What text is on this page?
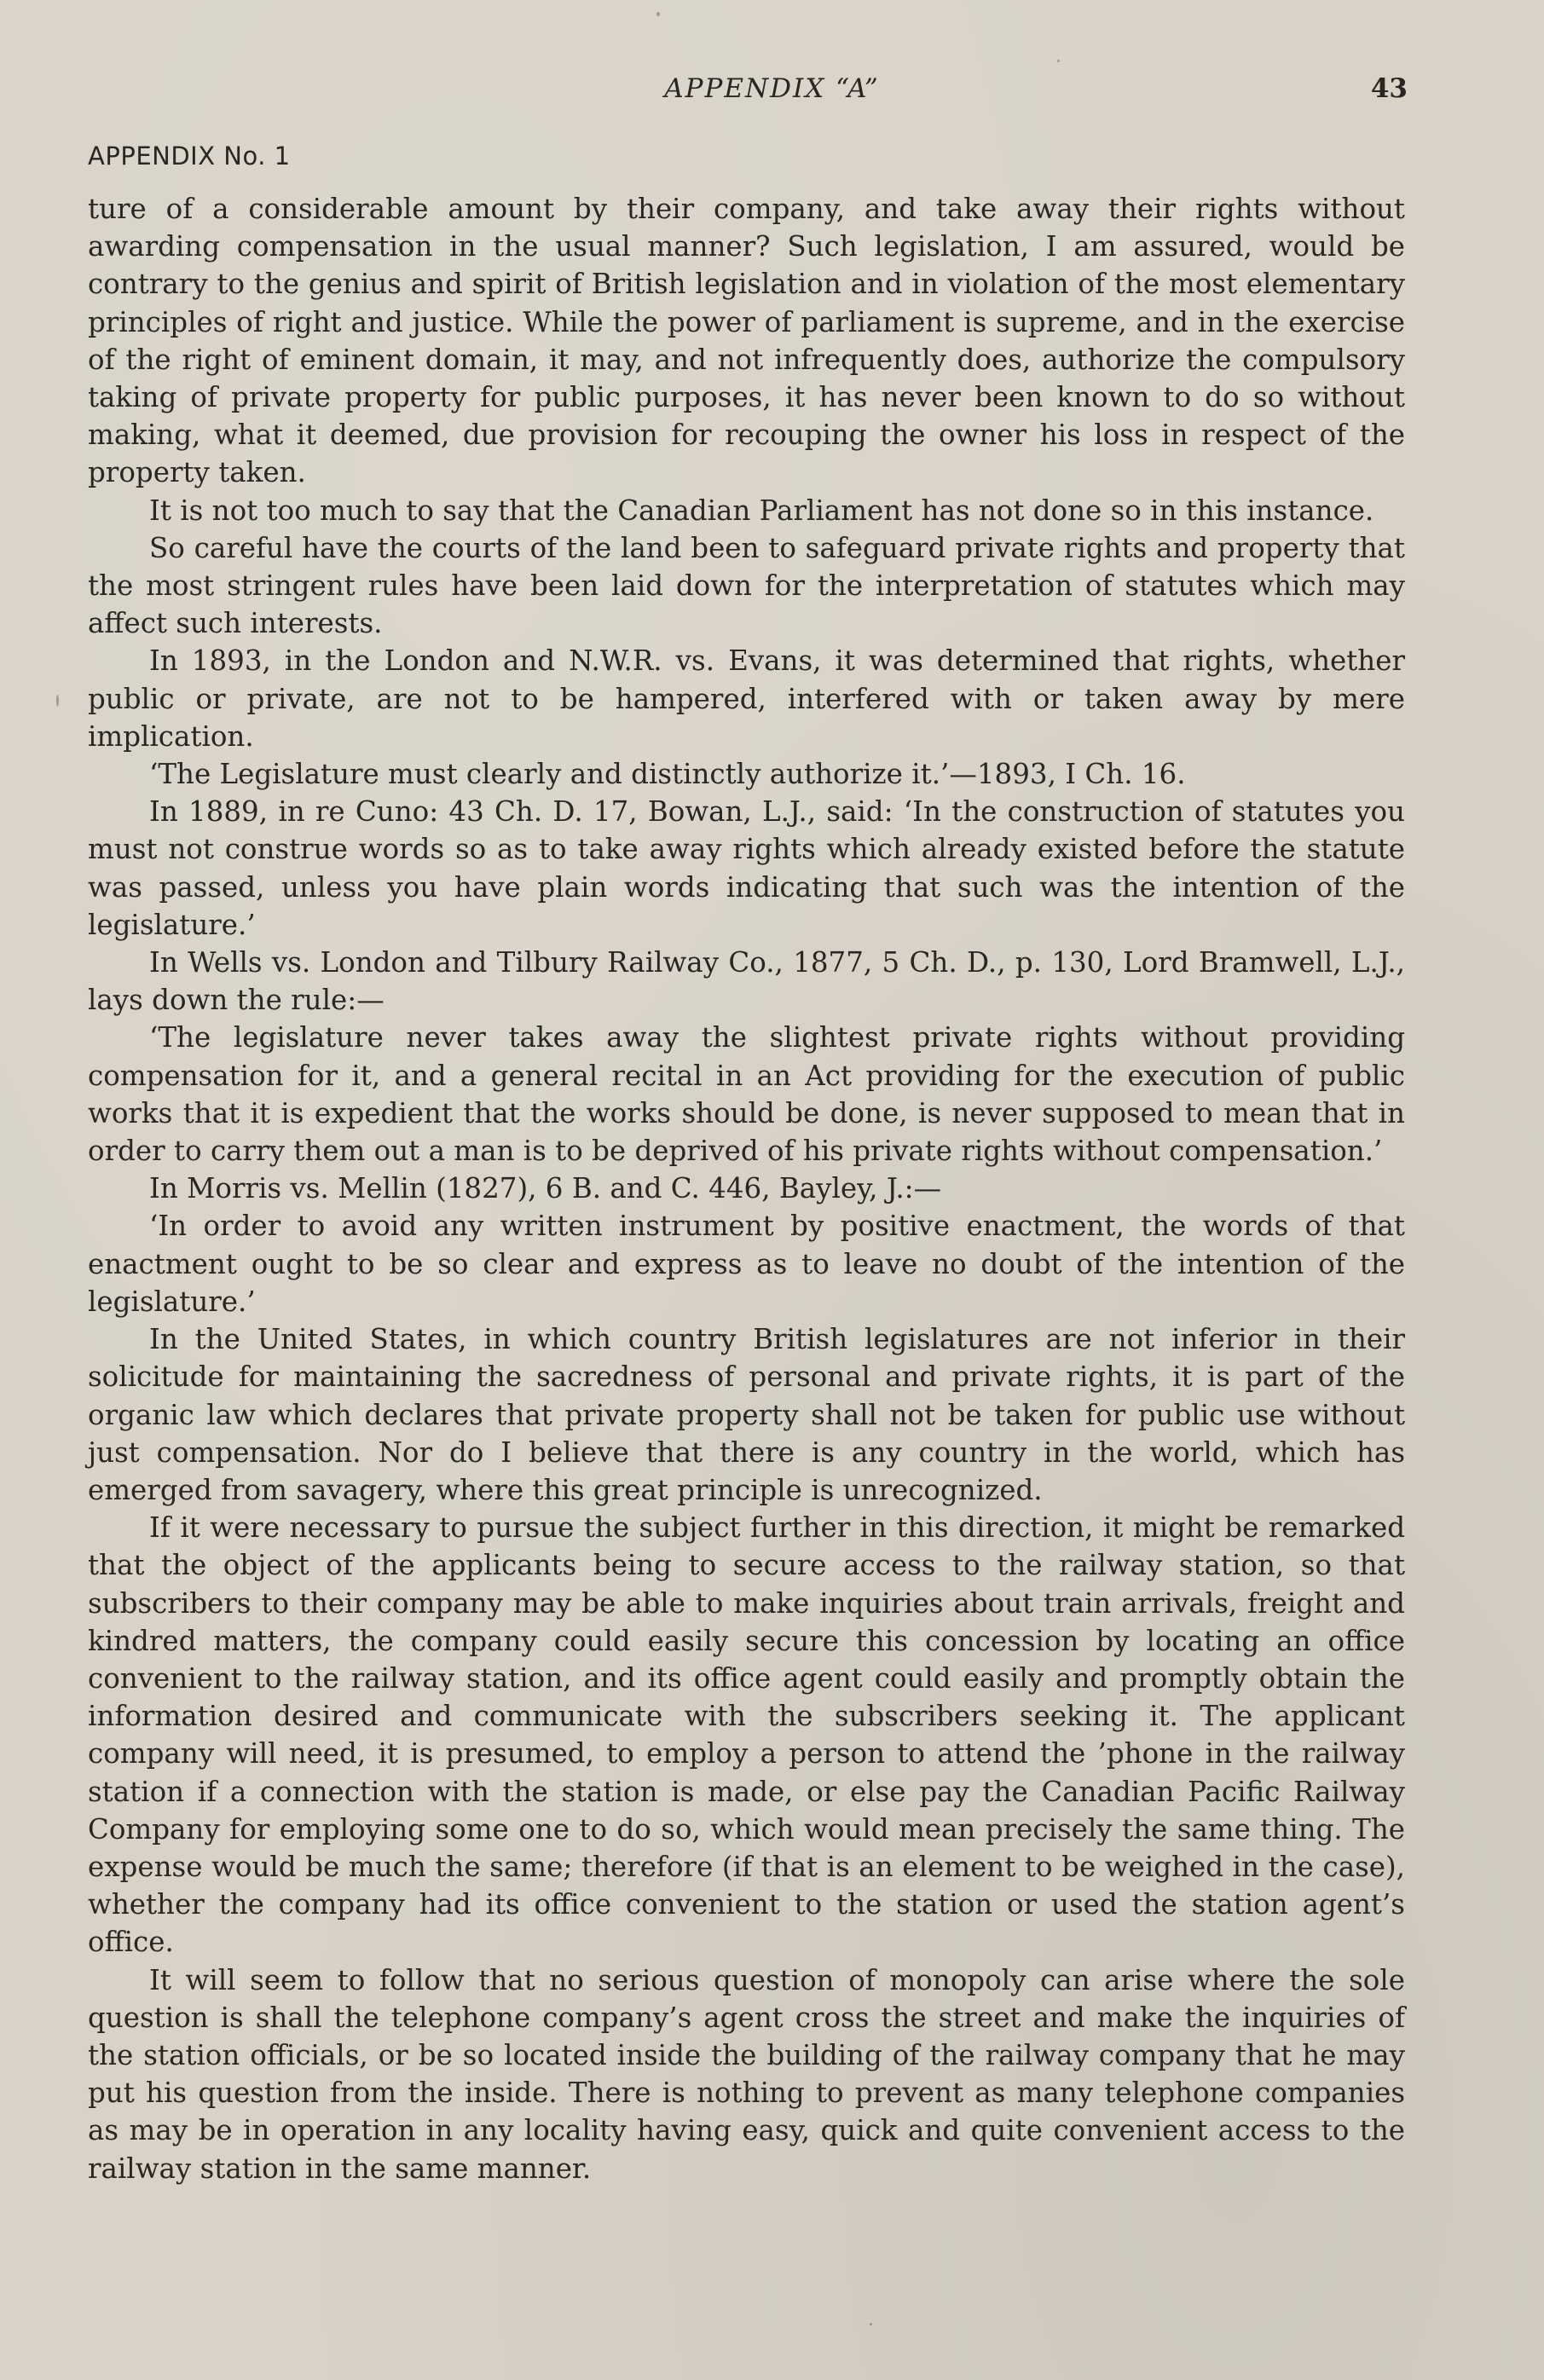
APPENDIX “A”	43
APPENDIX No. 1

ture of a considerable amount by their company, and take away their rights without awarding compensation in the usual manner? Such legislation, I am assured, would be contrary to the genius and spirit of British legislation and in violation of the most elementary principles of right and justice. While the power of parliament is supreme, and in the exercise of the right of eminent domain, it may, and not infrequently does, authorize the compulsory taking of private property for public purposes, it has never been known to do so without making, what it deemed, due provision for recouping the owner his loss in respect of the property taken.

It is not too much to say that the Canadian Parliament has not done so in this instance.

So careful have the courts of the land been to safeguard private rights and property that the most stringent rules have been laid down for the interpretation of statutes which may affect such interests.

In 1893, in the London and N.W.R. vs. Evans, it was determined that rights, whether public or private, are not to be hampered, interfered with or taken away by mere implication.

‘The Legislature must clearly and distinctly authorize it.’—1893, I Ch. 16.

In 1889, in re Cuno: 43 Ch. D. 17, Bowan, L.J., said: ‘In the construction of statutes you must not construe words so as to take away rights which already existed before the statute was passed, unless you have plain words indicating that such was the intention of the legislature.’

In Wells vs. London and Tilbury Railway Co., 1877, 5 Ch. D., p. 130, Lord Bramwell, L.J., lays down the rule:—

‘The legislature never takes away the slightest private rights without providing compensation for it, and a general recital in an Act providing for the execution of public works that it is expedient that the works should be done, is never supposed to mean that in order to carry them out a man is to be deprived of his private rights without compensation.’

In Morris vs. Mellin (1827), 6 B. and C. 446, Bayley, J.:—

‘In order to avoid any written instrument by positive enactment, the words of that enactment ought to be so clear and express as to leave no doubt of the intention of the legislature.’

In the United States, in which country British legislatures are not inferior in their solicitude for maintaining the sacredness of personal and private rights, it is part of the organic law which declares that private property shall not be taken for public use without just compensation. Nor do I believe that there is any country in the world, which has emerged from savagery, where this great principle is unrecognized.

If it were necessary to pursue the subject further in this direction, it might be remarked that the object of the applicants being to secure access to the railway station, so that subscribers to their company may be able to make inquiries about train arrivals, freight and kindred matters, the company could easily secure this concession by locating an office convenient to the railway station, and its office agent could easily and promptly obtain the information desired and communicate with the subscribers seeking it. The applicant company will need, it is presumed, to employ a person to attend the ’phone in the railway station if a connection with the station is made, or else pay the Canadian Pacific Railway Company for employing some one to do so, which would mean precisely the same thing. The expense would be much the same; therefore (if that is an element to be weighed in the case), whether the company had its office convenient to the station or used the station agent’s office.

It will seem to follow that no serious question of monopoly can arise where the sole question is shall the telephone company’s agent cross the street and make the inquiries of the station officials, or be so located inside the building of the railway company that he may put his question from the inside. There is nothing to prevent as many telephone companies as may be in operation in any locality having easy, quick and quite convenient access to the railway station in the same manner.
